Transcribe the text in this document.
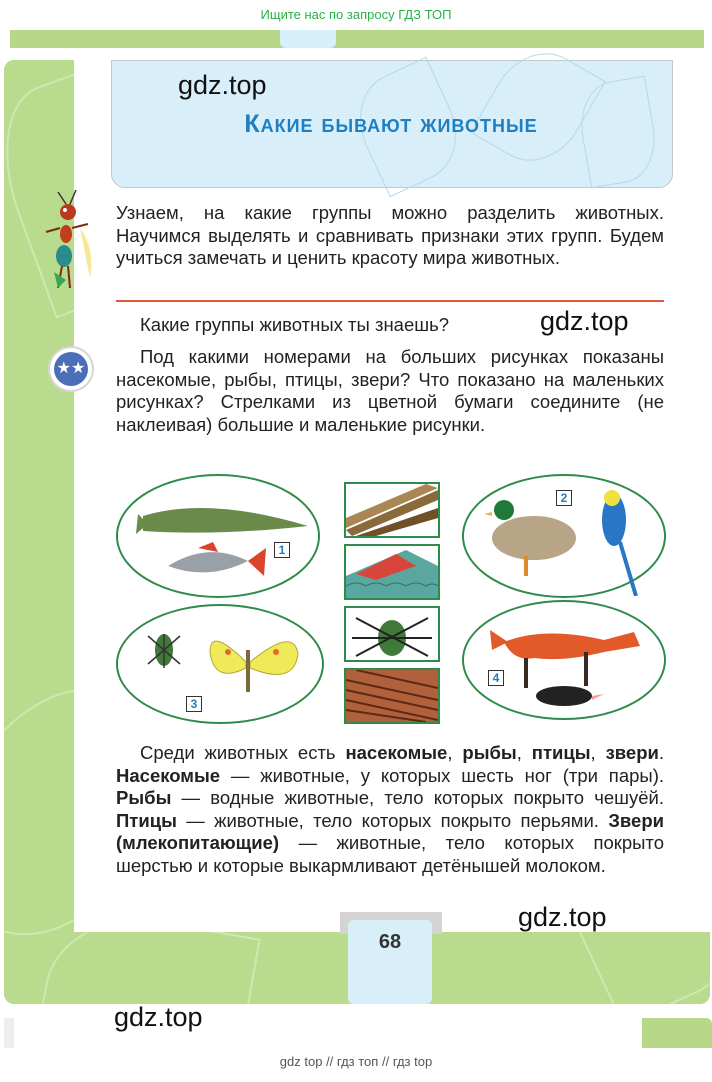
Ищите нас по запросу ГДЗ ТОП
gdz.top
Какие бывают животные
Узнаем, на какие группы можно разделить животных. Научимся выделять и сравнивать признаки этих групп. Будем учиться замечать и ценить красоту мира животных.
Какие группы животных ты знаешь?	gdz.top
★★
Под какими номерами на больших рисунках показаны насекомые, рыбы, птицы, звери? Что показано на маленьких рисунках? Стрелками из цветной бумаги соедините (не наклеивая) большие и маленькие рисунки.
1
2
3
4
Среди животных есть насекомые, рыбы, птицы, звери. Насекомые — животные, у которых шесть ног (три пары). Рыбы — водные животные, тело которых покрыто чешуёй. Птицы — животные, тело которых покрыто перьями. Звери (млекопитающие) — животные, тело которых покрыто шерстью и которые выкармливают детёнышей молоком.
gdz.top
68
gdz.top
gdz top // гдз топ // гдз top
